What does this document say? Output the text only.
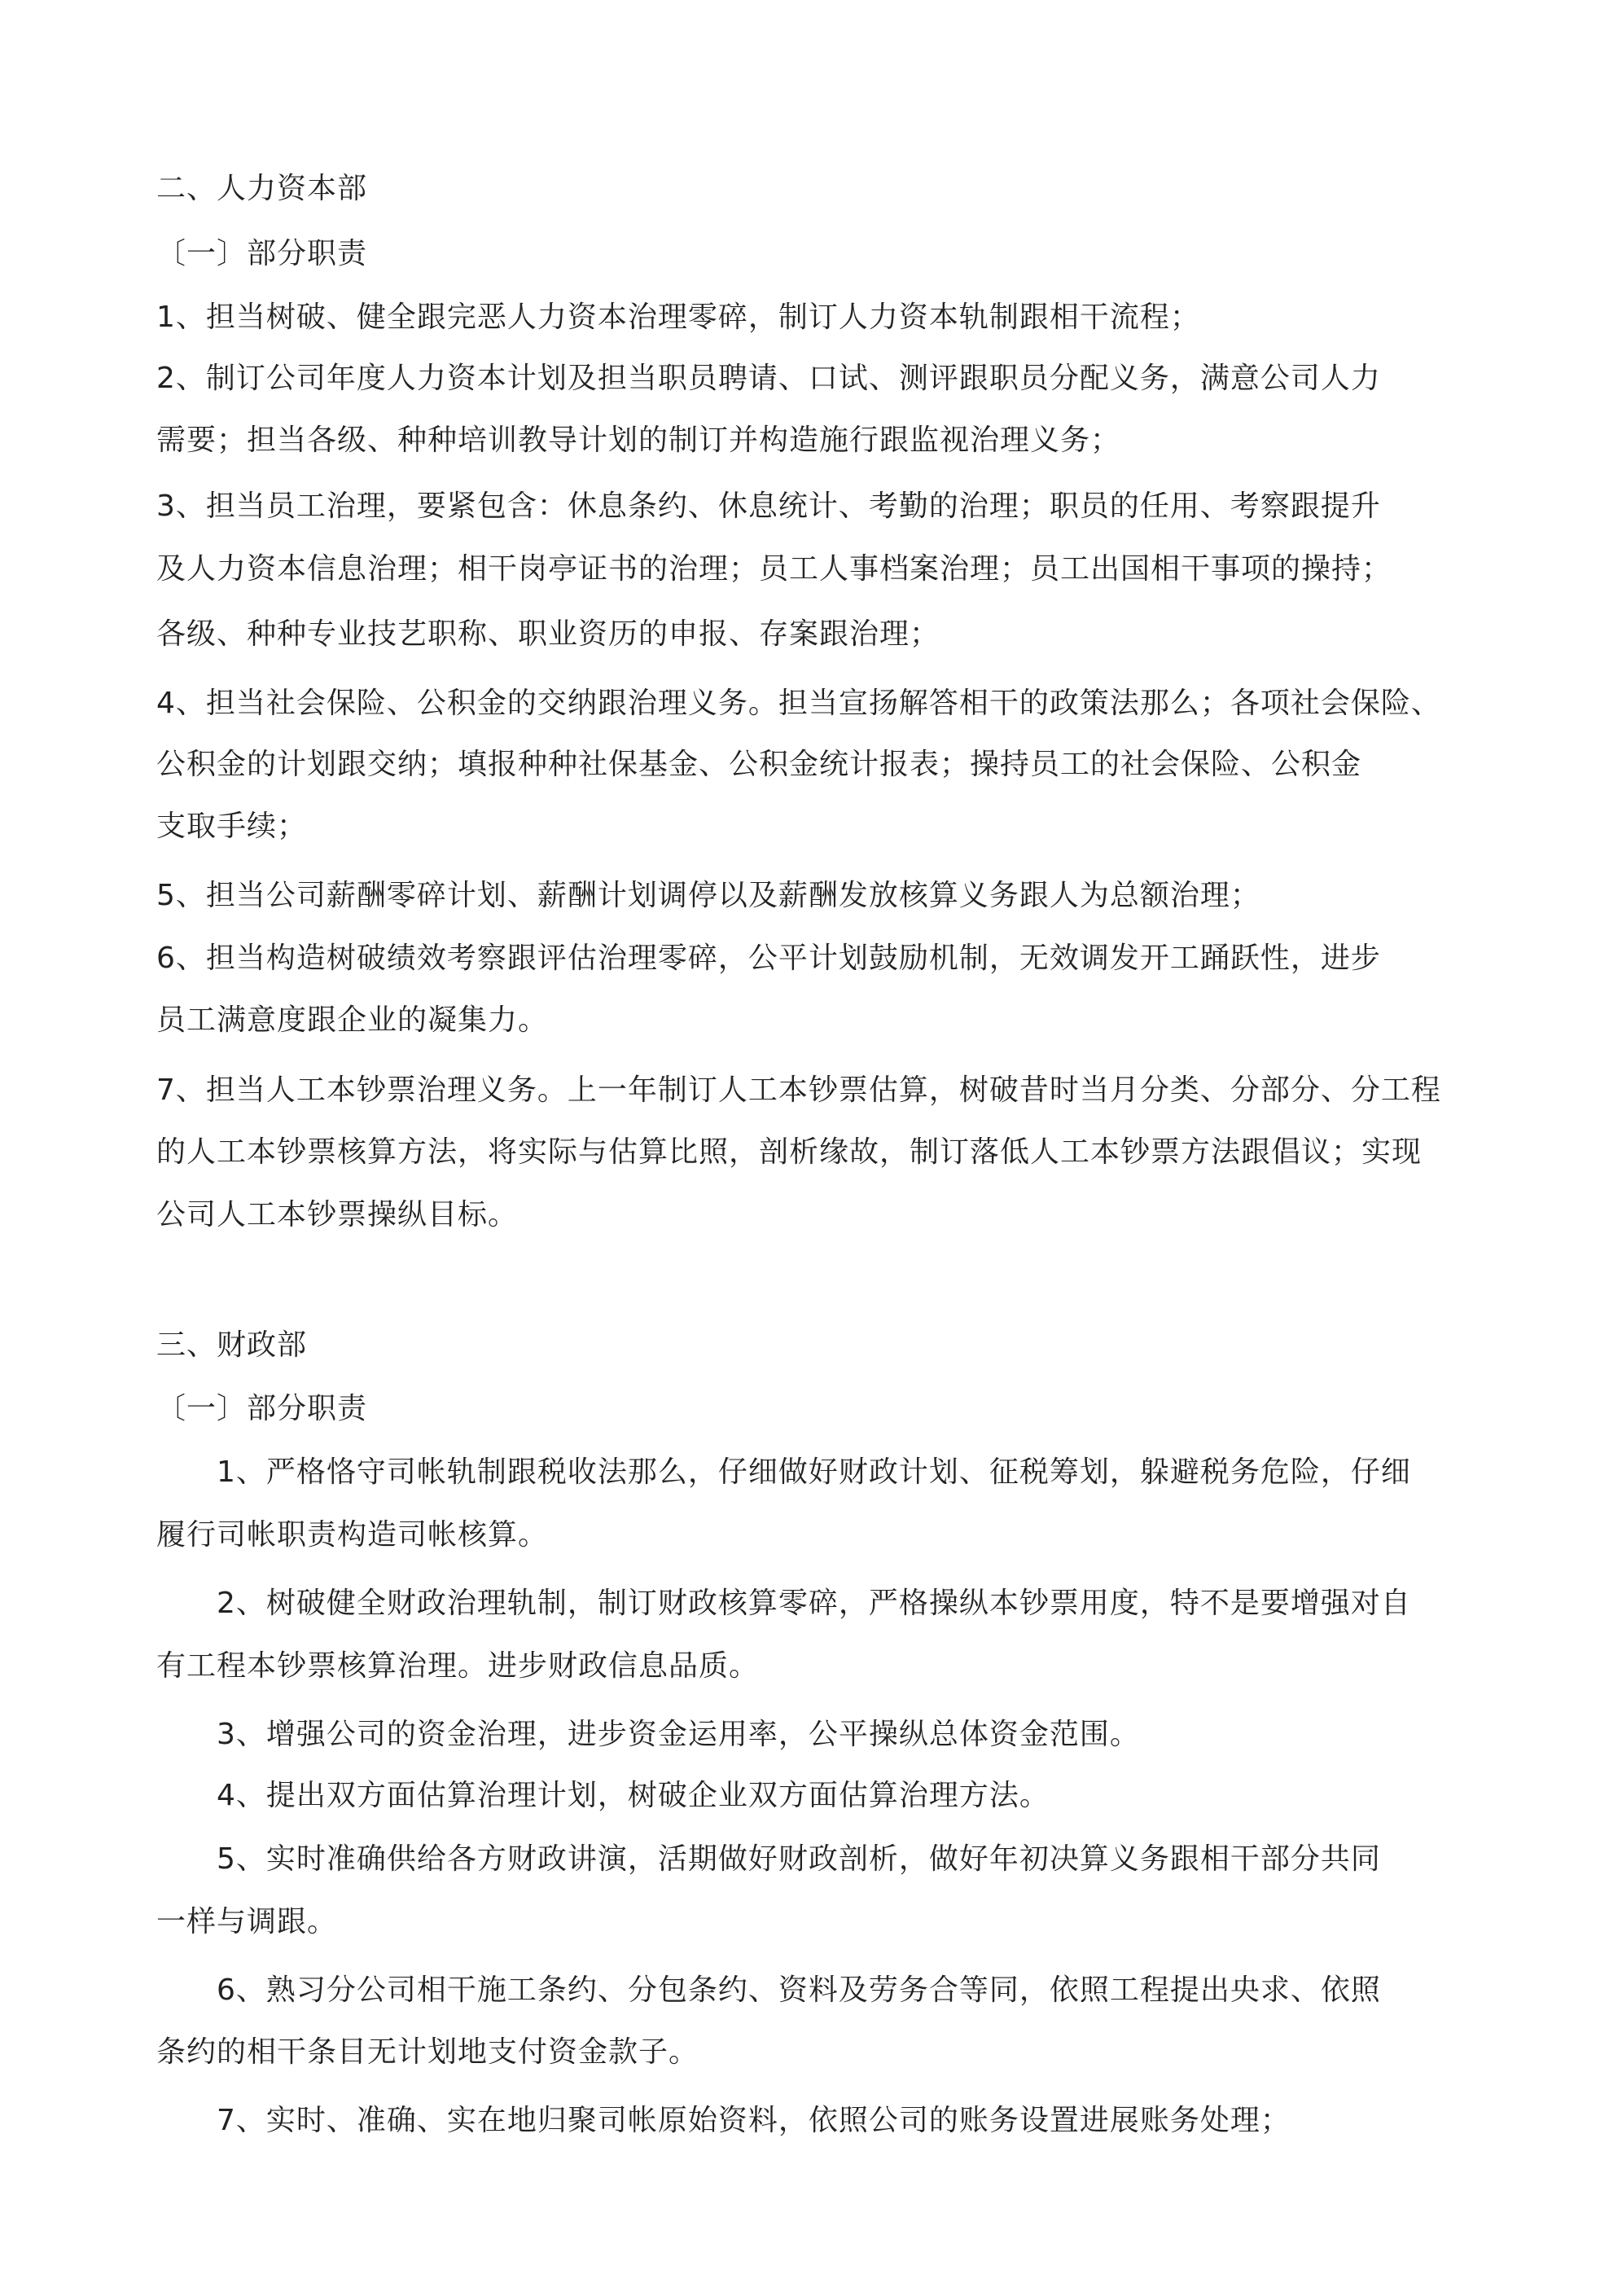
二、人力资本部
〔一〕部分职责
1、担当树破、健全跟完恶人力资本治理零碎，制订人力资本轨制跟相干流程；
2、制订公司年度人力资本计划及担当职员聘请、口试、测评跟职员分配义务，满意公司人力
需要；担当各级、种种培训教导计划的制订并构造施行跟监视治理义务；
3、担当员工治理，要紧包含：休息条约、休息统计、考勤的治理；职员的任用、考察跟提升
及人力资本信息治理；相干岗亭证书的治理；员工人事档案治理；员工出国相干事项的操持；
各级、种种专业技艺职称、职业资历的申报、存案跟治理；
4、担当社会保险、公积金的交纳跟治理义务。担当宣扬解答相干的政策法那么；各项社会保险、
公积金的计划跟交纳；填报种种社保基金、公积金统计报表；操持员工的社会保险、公积金
支取手续；
5、担当公司薪酬零碎计划、薪酬计划调停以及薪酬发放核算义务跟人为总额治理；
6、担当构造树破绩效考察跟评估治理零碎，公平计划鼓励机制，无效调发开工踊跃性，进步
员工满意度跟企业的凝集力。
7、担当人工本钞票治理义务。上一年制订人工本钞票估算，树破昔时当月分类、分部分、分工程
的人工本钞票核算方法，将实际与估算比照，剖析缘故，制订落低人工本钞票方法跟倡议；实现
公司人工本钞票操纵目标。
三、财政部
〔一〕部分职责
1、严格恪守司帐轨制跟税收法那么，仔细做好财政计划、征税筹划，躲避税务危险，仔细
履行司帐职责构造司帐核算。
2、树破健全财政治理轨制，制订财政核算零碎，严格操纵本钞票用度，特不是要增强对自
有工程本钞票核算治理。进步财政信息品质。
3、增强公司的资金治理，进步资金运用率，公平操纵总体资金范围。
4、提出双方面估算治理计划，树破企业双方面估算治理方法。
5、实时准确供给各方财政讲演，活期做好财政剖析，做好年初决算义务跟相干部分共同
一样与调跟。
6、熟习分公司相干施工条约、分包条约、资料及劳务合等同，依照工程提出央求、依照
条约的相干条目无计划地支付资金款子。
7、实时、准确、实在地归聚司帐原始资料，依照公司的账务设置进展账务处理；
